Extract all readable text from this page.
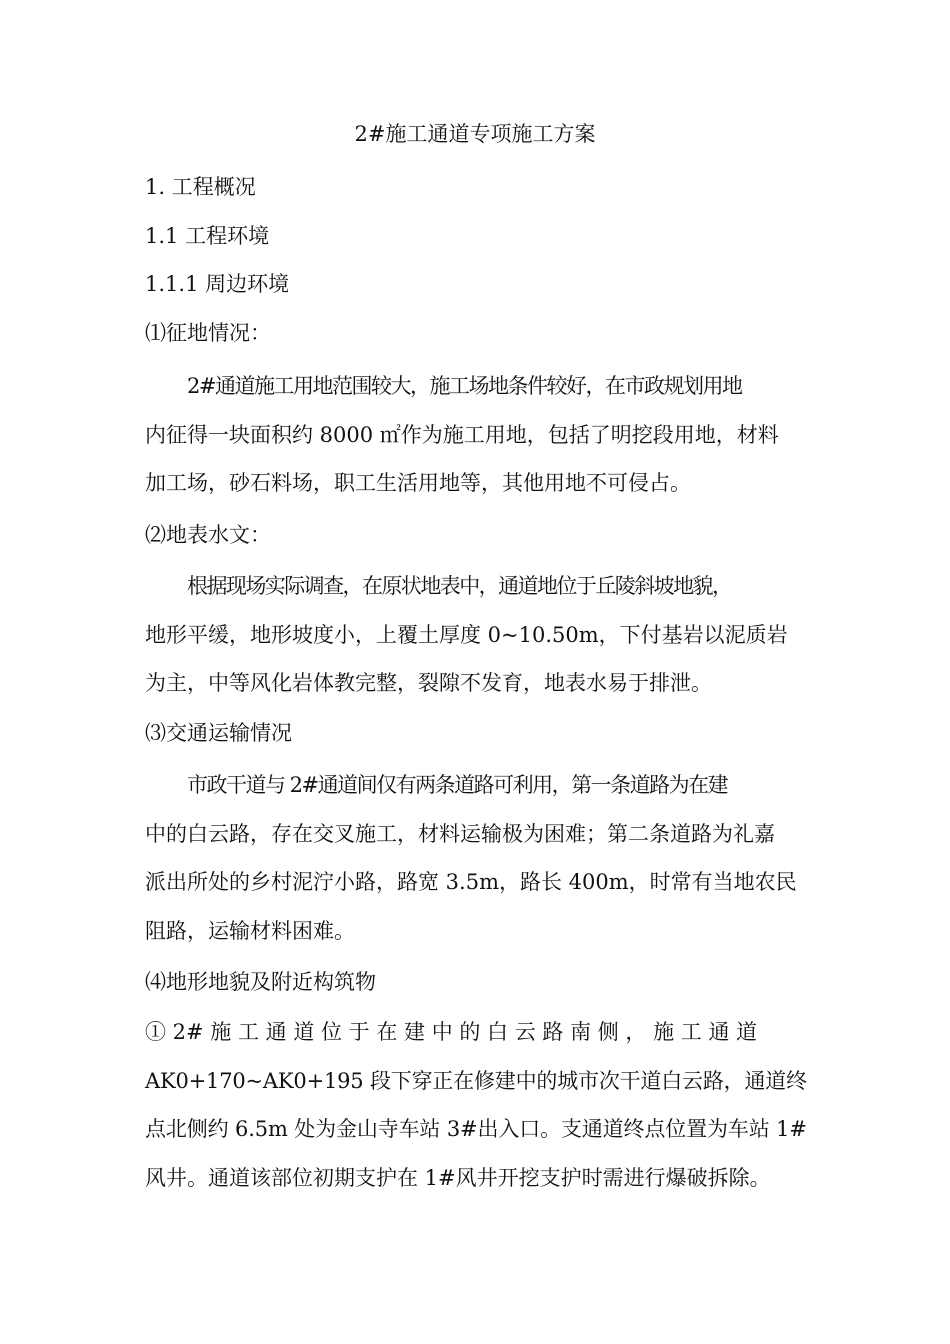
2#施工通道专项施工方案
1. 工程概况
1.1 工程环境
1.1.1 周边环境
⑴征地情况：
2#通道施工用地范围较大，施工场地条件较好，在市政规划用地
内征得一块面积约 8000 ㎡作为施工用地，包括了明挖段用地，材料
加工场，砂石料场，职工生活用地等，其他用地不可侵占。
⑵地表水文：
根据现场实际调查，在原状地表中，通道地位于丘陵斜坡地貌，
地形平缓，地形坡度小，上覆土厚度 0~10.50m，下付基岩以泥质岩
为主，中等风化岩体教完整，裂隙不发育，地表水易于排泄。
⑶交通运输情况
市政干道与 2#通道间仅有两条道路可利用，第一条道路为在建
中的白云路，存在交叉施工，材料运输极为困难；第二条道路为礼嘉
派出所处的乡村泥泞小路，路宽 3.5m，路长 400m，时常有当地农民
阻路，运输材料困难。
⑷地形地貌及附近构筑物
① 2# 施 工 通 道 位 于 在 建 中 的 白 云 路 南 侧 ， 施 工 通 道
AK0+170~AK0+195 段下穿正在修建中的城市次干道白云路，通道终
点北侧约 6.5m 处为金山寺车站 3#出入口。支通道终点位置为车站 1#
风井。通道该部位初期支护在 1#风井开挖支护时需进行爆破拆除。
